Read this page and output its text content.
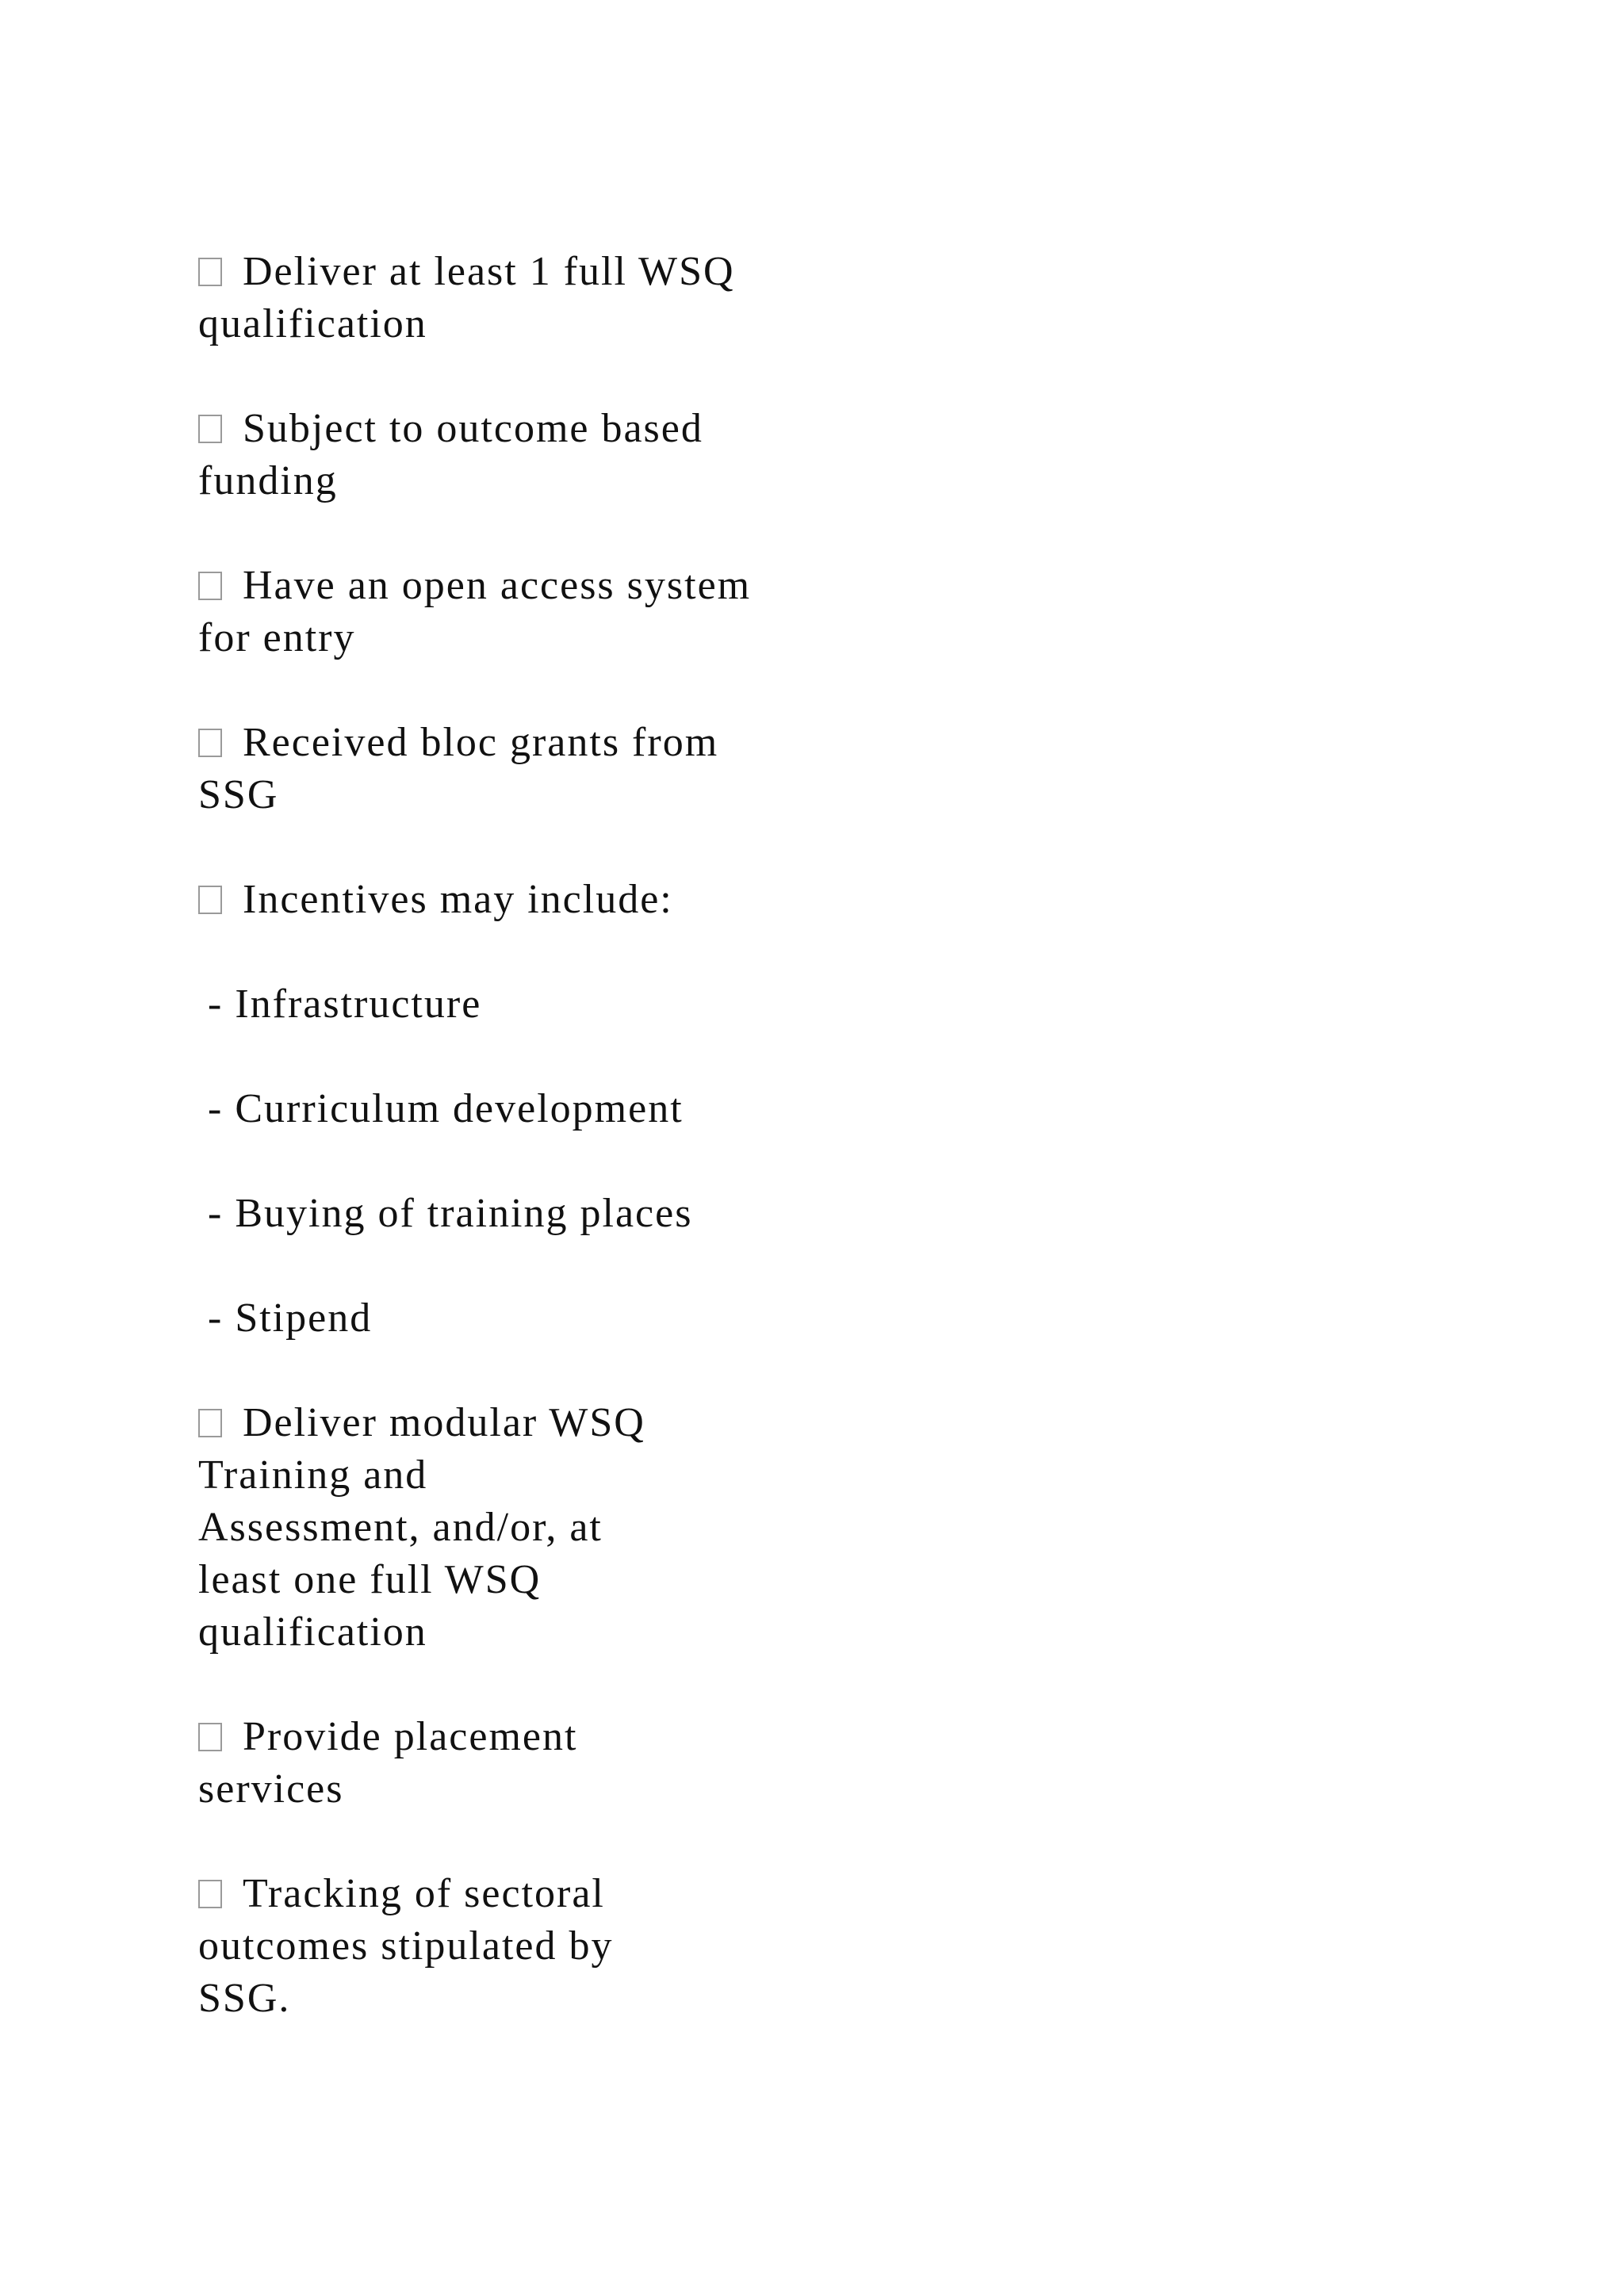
Deliver at least 1 full WSQ
qualification
Subject to outcome based
funding
Have an open access system
for entry
Received bloc grants from
SSG
Incentives may include:
- Infrastructure
- Curriculum development
- Buying of training places
- Stipend
Deliver modular WSQ
Training and
Assessment, and/or, at
least one full WSQ
qualification
Provide placement
services
Tracking of sectoral
outcomes stipulated by
SSG.
